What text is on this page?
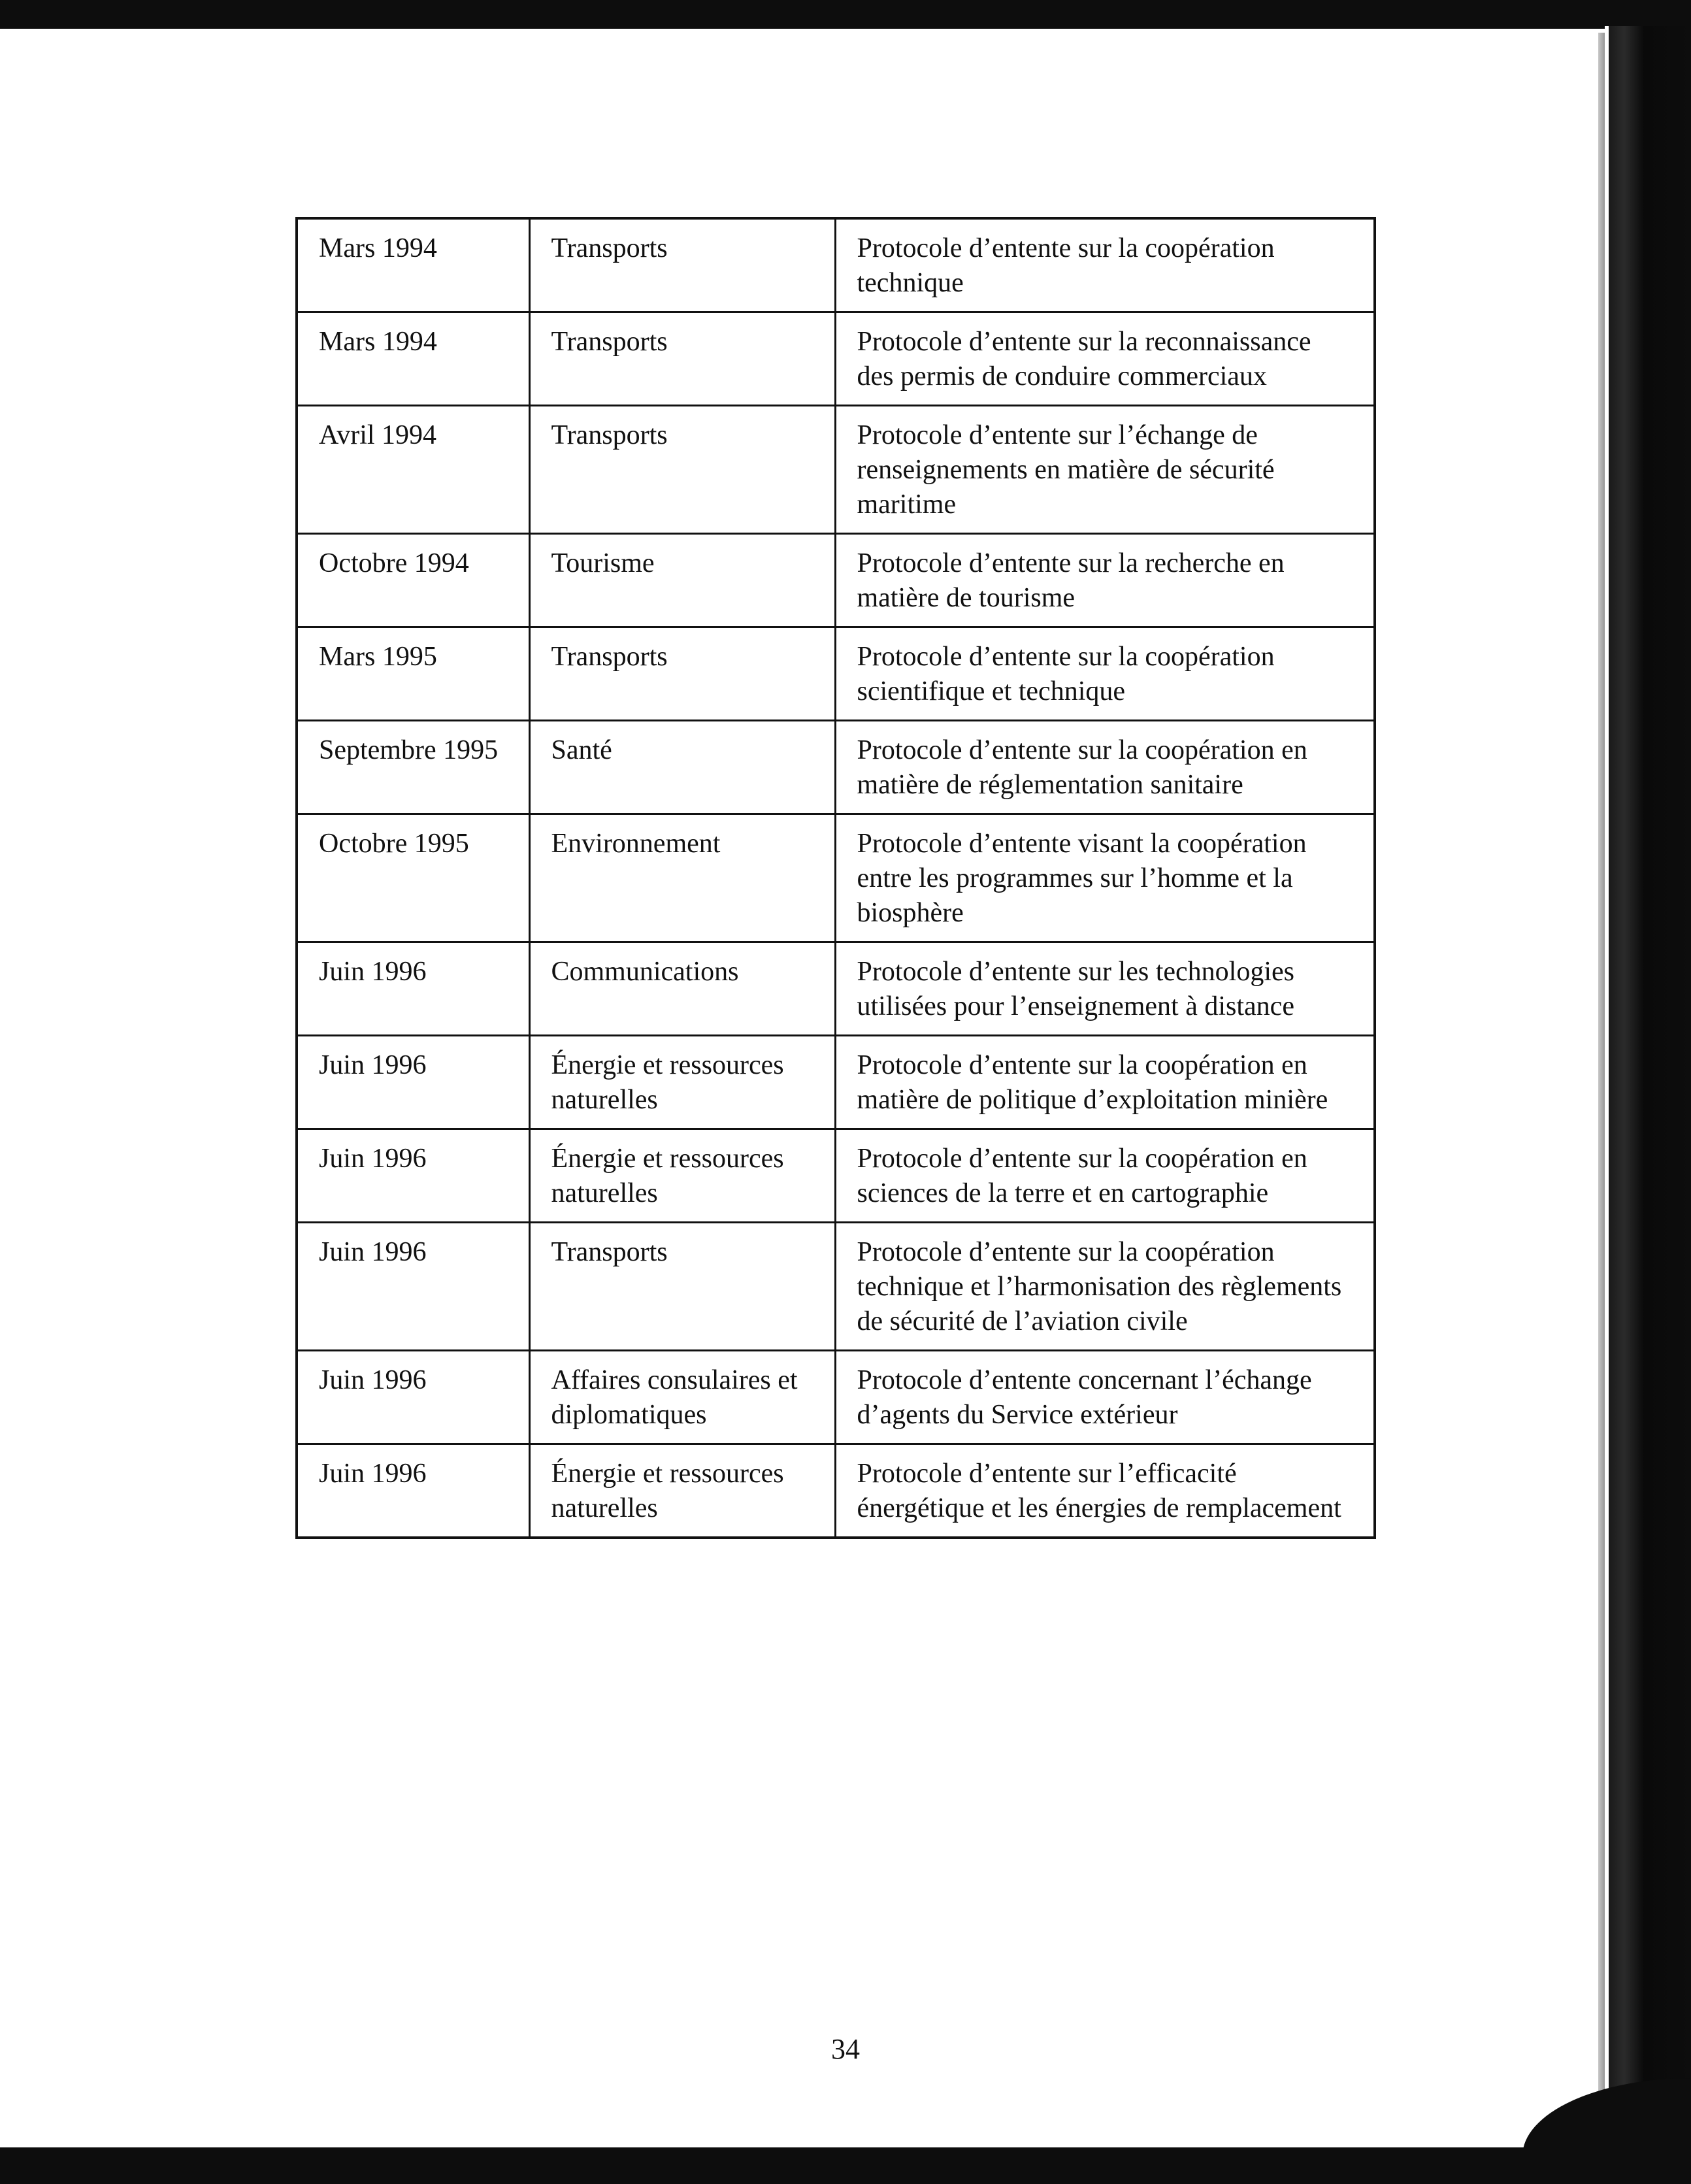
Mars 1994	Transports	Protocole d’entente sur la coopération technique
Mars 1994	Transports	Protocole d’entente sur la reconnaissance des permis de conduire commerciaux
Avril 1994	Transports	Protocole d’entente sur l’échange de renseignements en matière de sécurité maritime
Octobre 1994	Tourisme	Protocole d’entente sur la recherche en matière de tourisme
Mars 1995	Transports	Protocole d’entente sur la coopération scientifique et technique
Septembre 1995	Santé	Protocole d’entente sur la coopération en matière de réglementation sanitaire
Octobre 1995	Environnement	Protocole d’entente visant la coopération entre les programmes sur l’homme et la biosphère
Juin 1996	Communications	Protocole d’entente sur les technologies utilisées pour l’enseignement à distance
Juin 1996	Énergie et ressources naturelles	Protocole d’entente sur la coopération en matière de politique d’exploitation minière
Juin 1996	Énergie et ressources naturelles	Protocole d’entente sur la coopération en sciences de la terre et en cartographie
Juin 1996	Transports	Protocole d’entente sur la coopération technique et l’harmonisation des règlements de sécurité de l’aviation civile
Juin 1996	Affaires consulaires et diplomatiques	Protocole d’entente concernant l’échange d’agents du Service extérieur
Juin 1996	Énergie et ressources naturelles	Protocole d’entente sur l’efficacité énergétique et les énergies de remplacement
34
